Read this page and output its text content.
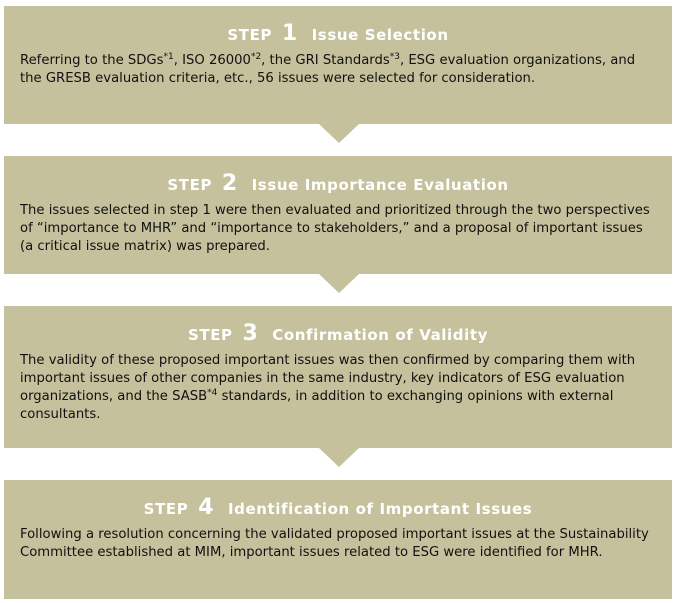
STEP 1 Issue Selection
Referring to the SDGs$^{*1}$, ISO 26000$^{*2}$, the GRI Standards$^{*3}$, ESG evaluation organizations, and the GRESB evaluation criteria, etc., 56 issues were selected for consideration.
STEP 2 Issue Importance Evaluation
The issues selected in step 1 were then evaluated and prioritized through the two perspectives of “importance to MHR” and “importance to stakeholders,” and a proposal of important issues (a critical issue matrix) was prepared.
STEP 3 Confirmation of Validity
The validity of these proposed important issues was then confirmed by comparing them with important issues of other companies in the same industry, key indicators of ESG evaluation organizations, and the SASB$^{*4}$ standards, in addition to exchanging opinions with external consultants.
STEP 4 Identification of Important Issues
Following a resolution concerning the validated proposed important issues at the Sustainability Committee established at MIM, important issues related to ESG were identified for MHR.
